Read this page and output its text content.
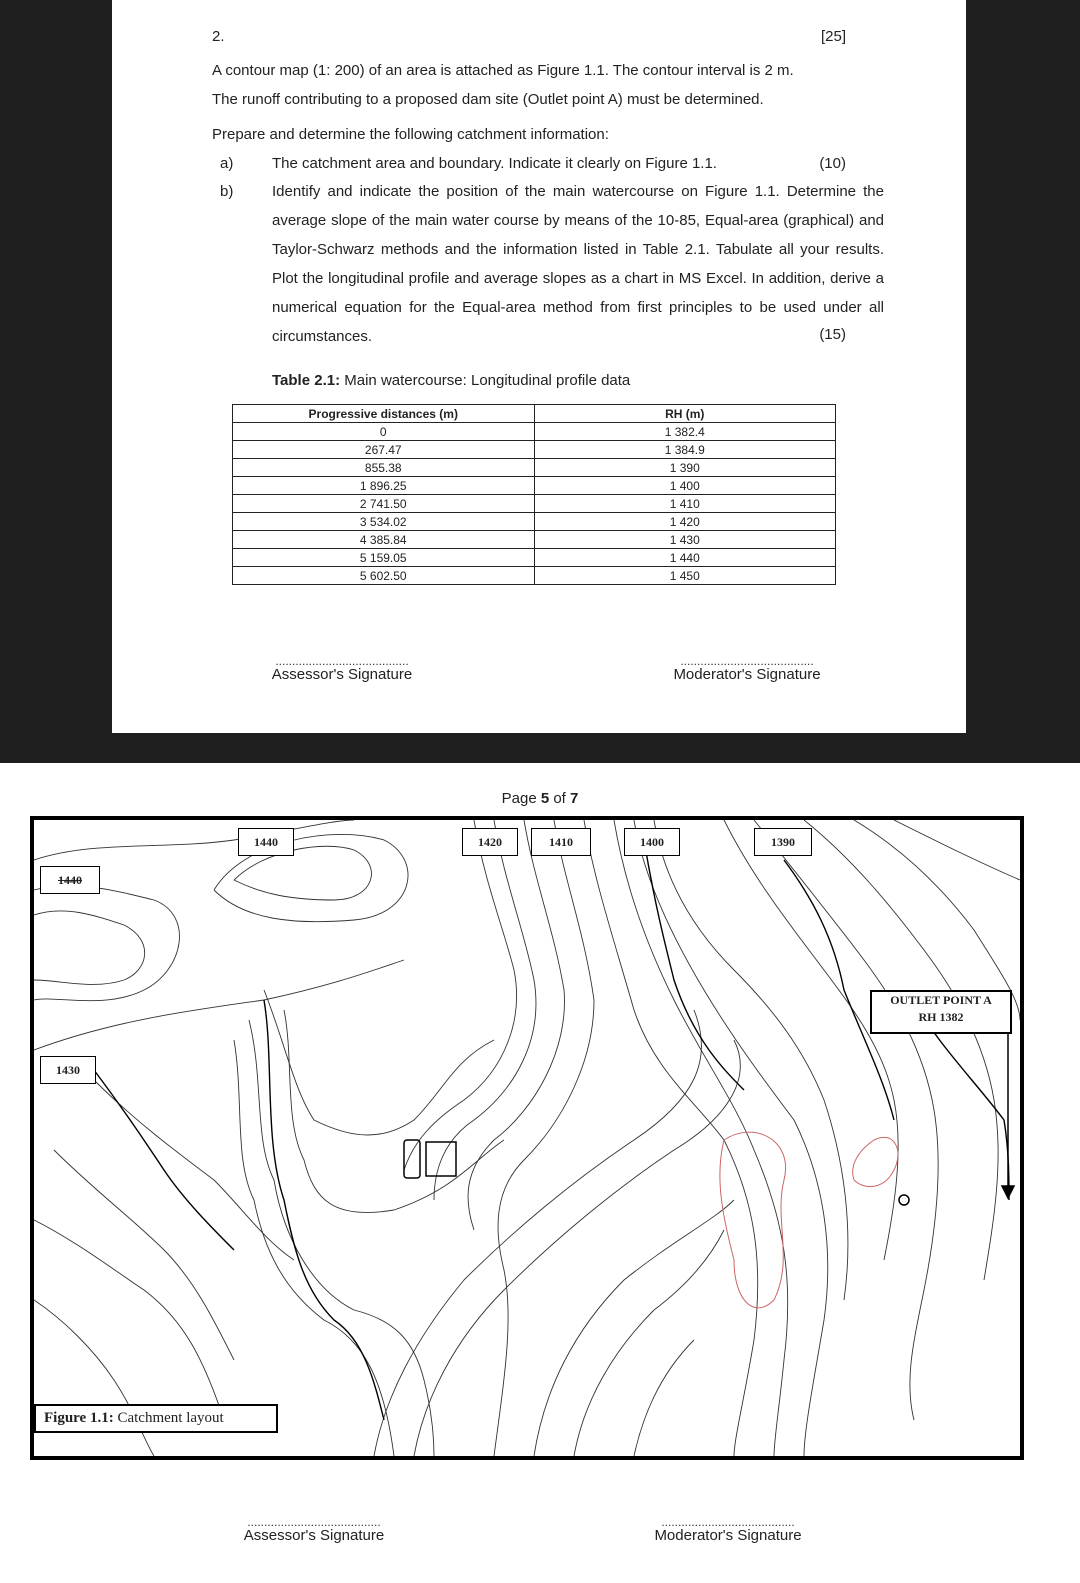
2.	[25]
A contour map (1: 200) of an area is attached as Figure 1.1. The contour interval is 2 m.
The runoff contributing to a proposed dam site (Outlet point A) must be determined.
Prepare and determine the following catchment information:
a)	The catchment area and boundary. Indicate it clearly on Figure 1.1.	(10)
b)	Identify and indicate the position of the main watercourse on Figure 1.1. Determine the average slope of the main water course by means of the 10-85, Equal-area (graphical) and Taylor-Schwarz methods and the information listed in Table 2.1. Tabulate all your results. Plot the longitudinal profile and average slopes as a chart in MS Excel. In addition, derive a numerical equation for the Equal-area method from first principles to be used under all circumstances.	(15)
Table 2.1: Main watercourse: Longitudinal profile data
Progressive distances (m)	RH (m)
0	1 382.4
267.47	1 384.9
855.38	1 390
1 896.25	1 400
2 741.50	1 410
3 534.02	1 420
4 385.84	1 430
5 159.05	1 440
5 602.50	1 450
........................................
Assessor's Signature
........................................
Moderator's Signature
Page 5 of 7
1440	1420	1410	1400	1390
1440
1430
OUTLET POINT A
RH 1382
Figure 1.1: Catchment layout
........................................
Assessor's Signature
........................................
Moderator's Signature
